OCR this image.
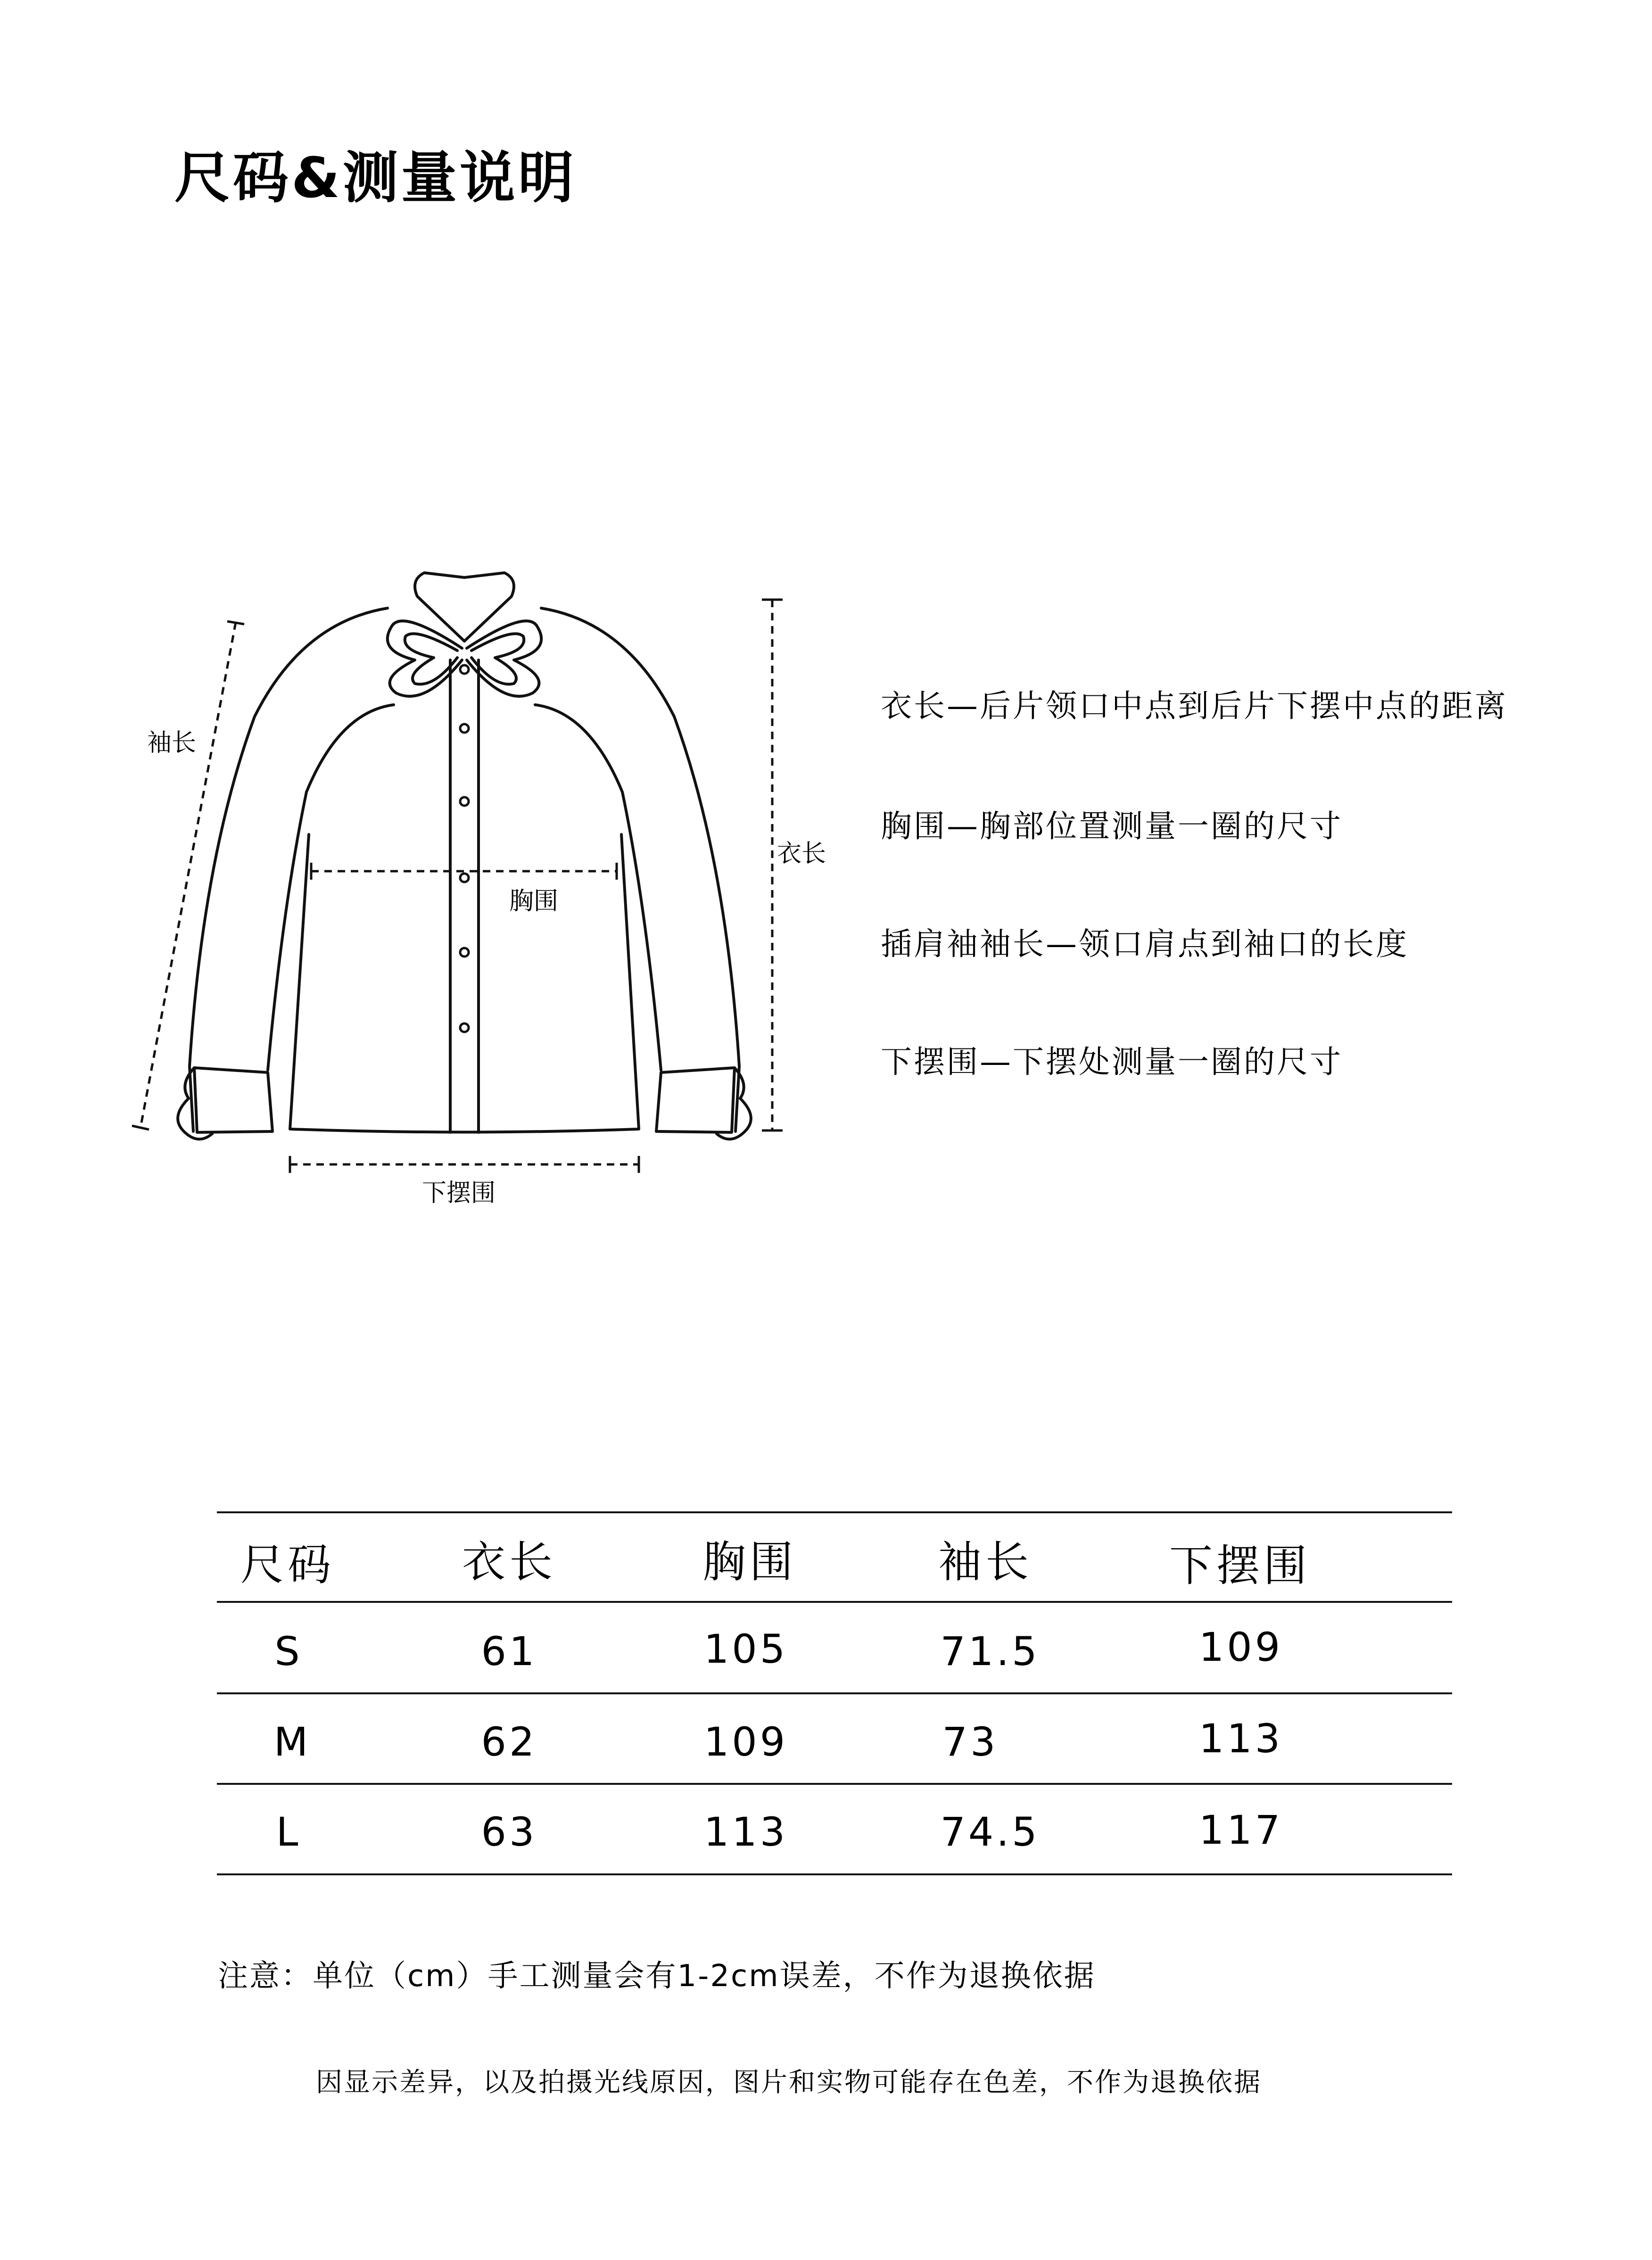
尺码&测量说明
袖长
衣长
胸围
下摆围
衣长—后片领口中点到后片下摆中点的距离
胸围—胸部位置测量一圈的尺寸
插肩袖袖长—领口肩点到袖口的长度
下摆围—下摆处测量一圈的尺寸
尺码	衣长	胸围	袖长	下摆围
S	61	105	71.5	109
M	62	109	73	113
L	63	113	74.5	117
注意：单位（cm）手工测量会有1-2cm误差，不作为退换依据
因显示差异，以及拍摄光线原因，图片和实物可能存在色差，不作为退换依据
